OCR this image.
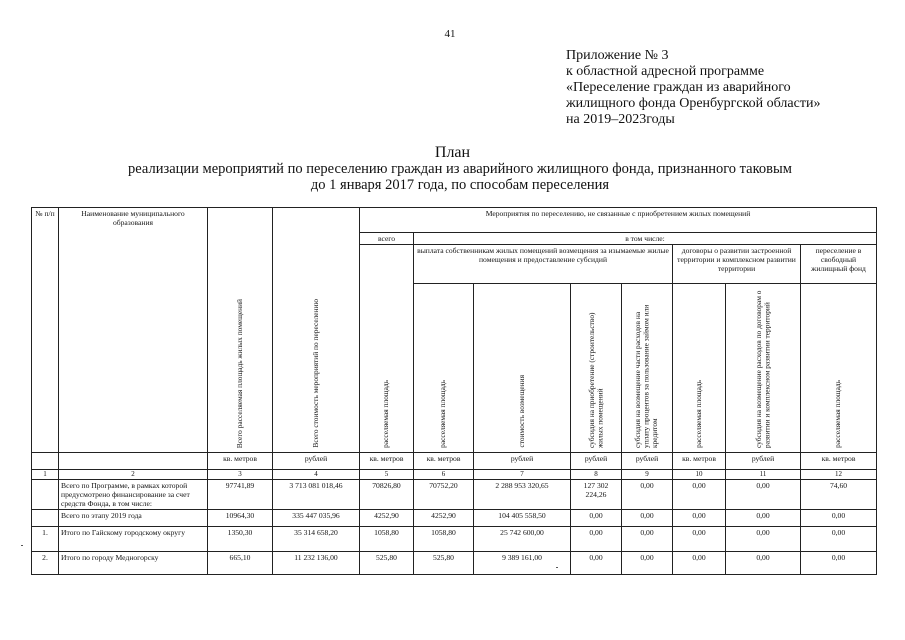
41
Приложение № 3
к областной адресной программе
«Переселение граждан из аварийного
жилищного фонда Оренбургской области»
на 2019–2023годы
План
реализации мероприятий по переселению граждан из аварийного жилищного фонда, признанного таковым
до 1 января 2017 года, по способам переселения
№ п/п	Наименование муниципального образования	Всего расселяемая площадь жилых помещений	Всего стоимость мероприятий по переселению	Мероприятия по переселению, не связанные с приобретением жилых помещений							
				всего	в том числе:						
				расселяемая площадь	выплата собственникам жилых помещений возмещения за изымаемые жилые помещения и предоставление субсидий				договоры о развитии застроенной территории и комплексном развитии территории		переселение в свободный жилищный фонд
					расселяемая площадь	стоимость возмещения	субсидия на приобретение (строительство) жилых помещений	субсидия на возмещение части расходов на уплату процентов за пользование займом или кредитом	расселяемая площадь	субсидия на возмещение расходов по договорам о развитии и комплексном развитии территорий	расселяемая площадь
		кв. метров	рублей	кв. метров	кв. метров	рублей	рублей	рублей	кв. метров	рублей	кв. метров
1	2	3	4	5	6	7	8	9	10	11	12
	Всего по Программе, в рамках которой предусмотрено финансирование за счет средств Фонда, в том числе:	97741,89	3 713 081 018,46	70826,80	70752,20	2 288 953 320,65	127 302 224,26	0,00	0,00	0,00	74,60
	Всего по этапу 2019 года	10964,30	335 447 035,96	4252,90	4252,90	104 405 558,50	0,00	0,00	0,00	0,00	0,00
1.	Итого по Гайскому городскому округу	1350,30	35 314 658,20	1058,80	1058,80	25 742 600,00	0,00	0,00	0,00	0,00	0,00
2.	Итого по городу Медногорску	665,10	11 232 136,00	525,80	525,80	9 389 161,00	0,00	0,00	0,00	0,00	0,00
